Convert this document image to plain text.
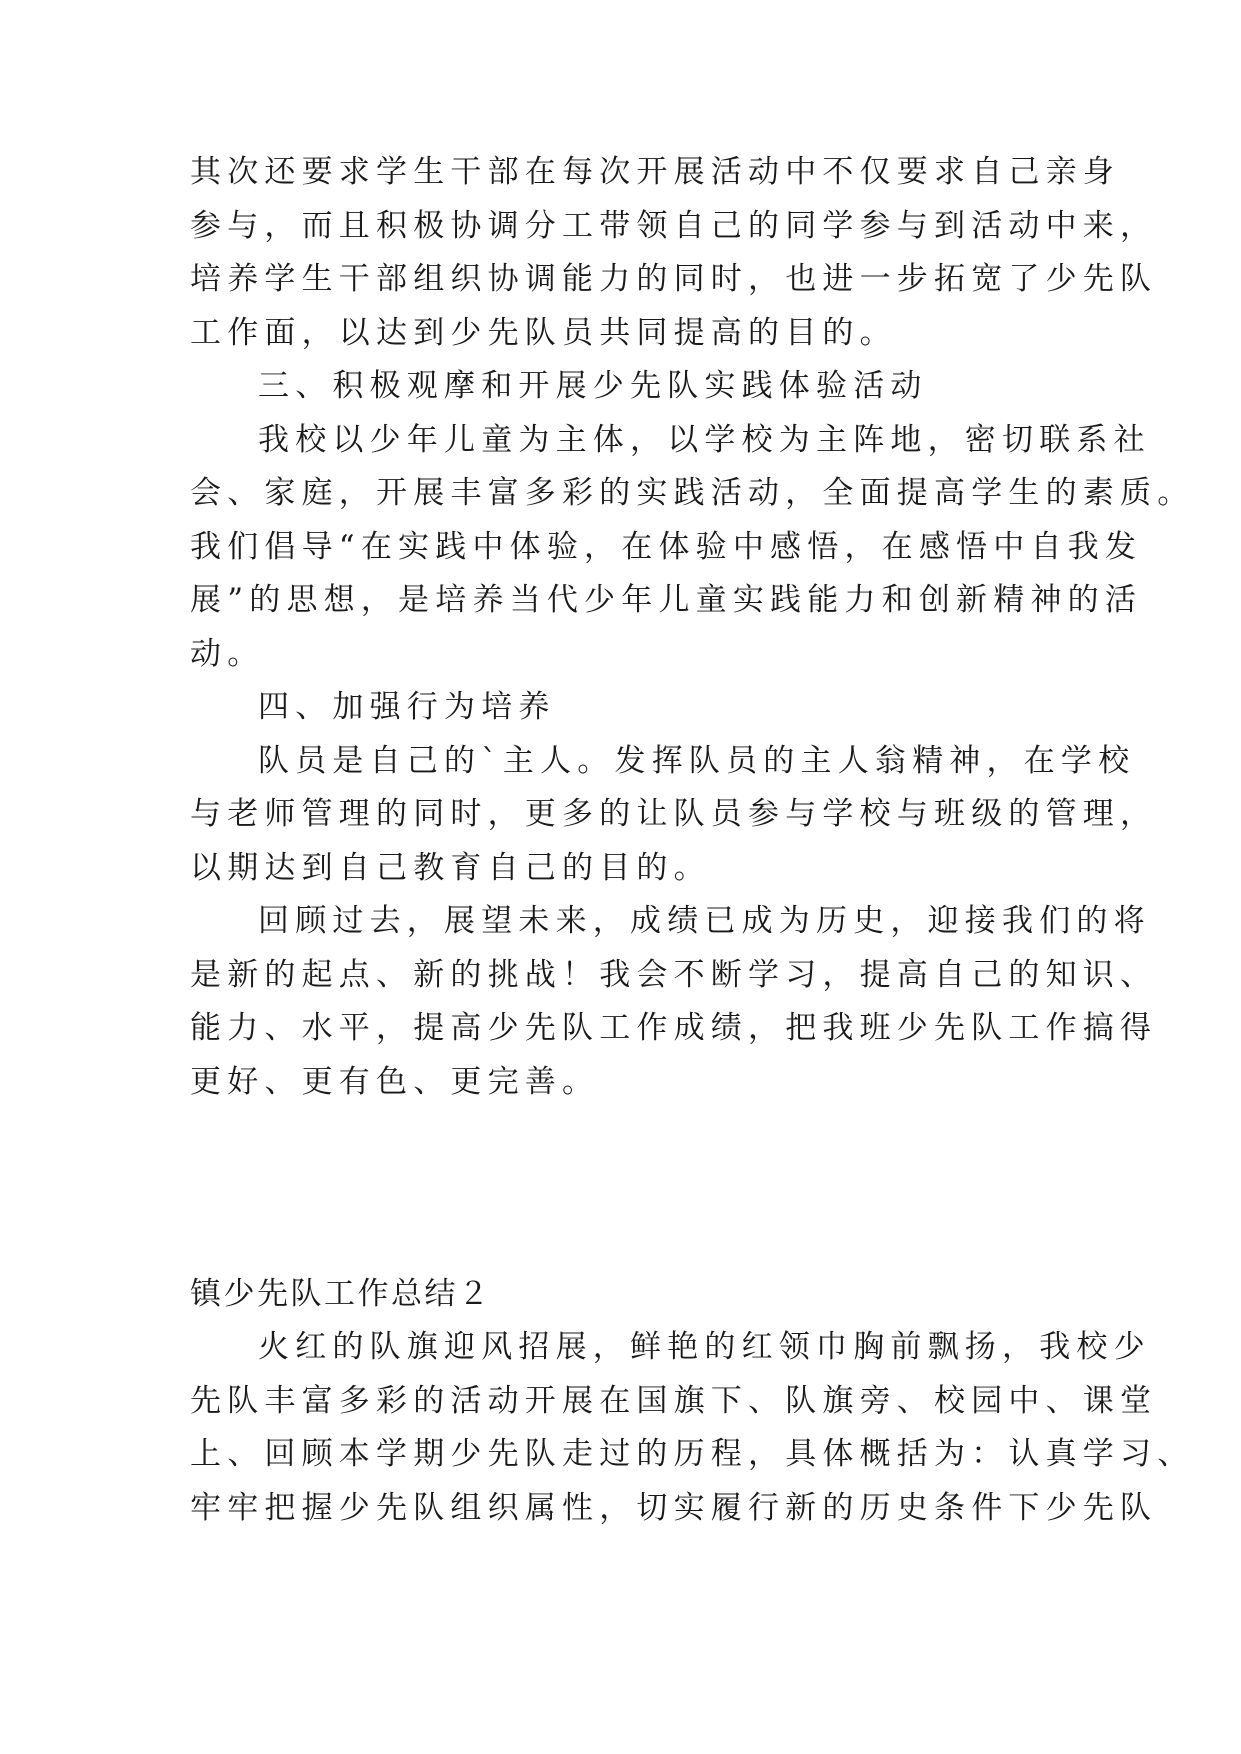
其次还要求学生干部在每次开展活动中不仅要求自己亲身
参与，而且积极协调分工带领自己的同学参与到活动中来，
培养学生干部组织协调能力的同时，也进一步拓宽了少先队
工作面，以达到少先队员共同提高的目的。
三、积极观摩和开展少先队实践体验活动
我校以少年儿童为主体，以学校为主阵地，密切联系社
会、家庭，开展丰富多彩的实践活动，全面提高学生的素质。
我们倡导“在实践中体验，在体验中感悟，在感悟中自我发
展”的思想，是培养当代少年儿童实践能力和创新精神的活
动。
四、加强行为培养
队员是自己的`主人。发挥队员的主人翁精神，在学校
与老师管理的同时，更多的让队员参与学校与班级的管理，
以期达到自己教育自己的目的。
回顾过去，展望未来，成绩已成为历史，迎接我们的将
是新的起点、新的挑战！我会不断学习，提高自己的知识、
能力、水平，提高少先队工作成绩，把我班少先队工作搞得
更好、更有色、更完善。
镇少先队工作总结２
火红的队旗迎风招展，鲜艳的红领巾胸前飘扬，我校少
先队丰富多彩的活动开展在国旗下、队旗旁、校园中、课堂
上、回顾本学期少先队走过的历程，具体概括为：认真学习、
牢牢把握少先队组织属性，切实履行新的历史条件下少先队
